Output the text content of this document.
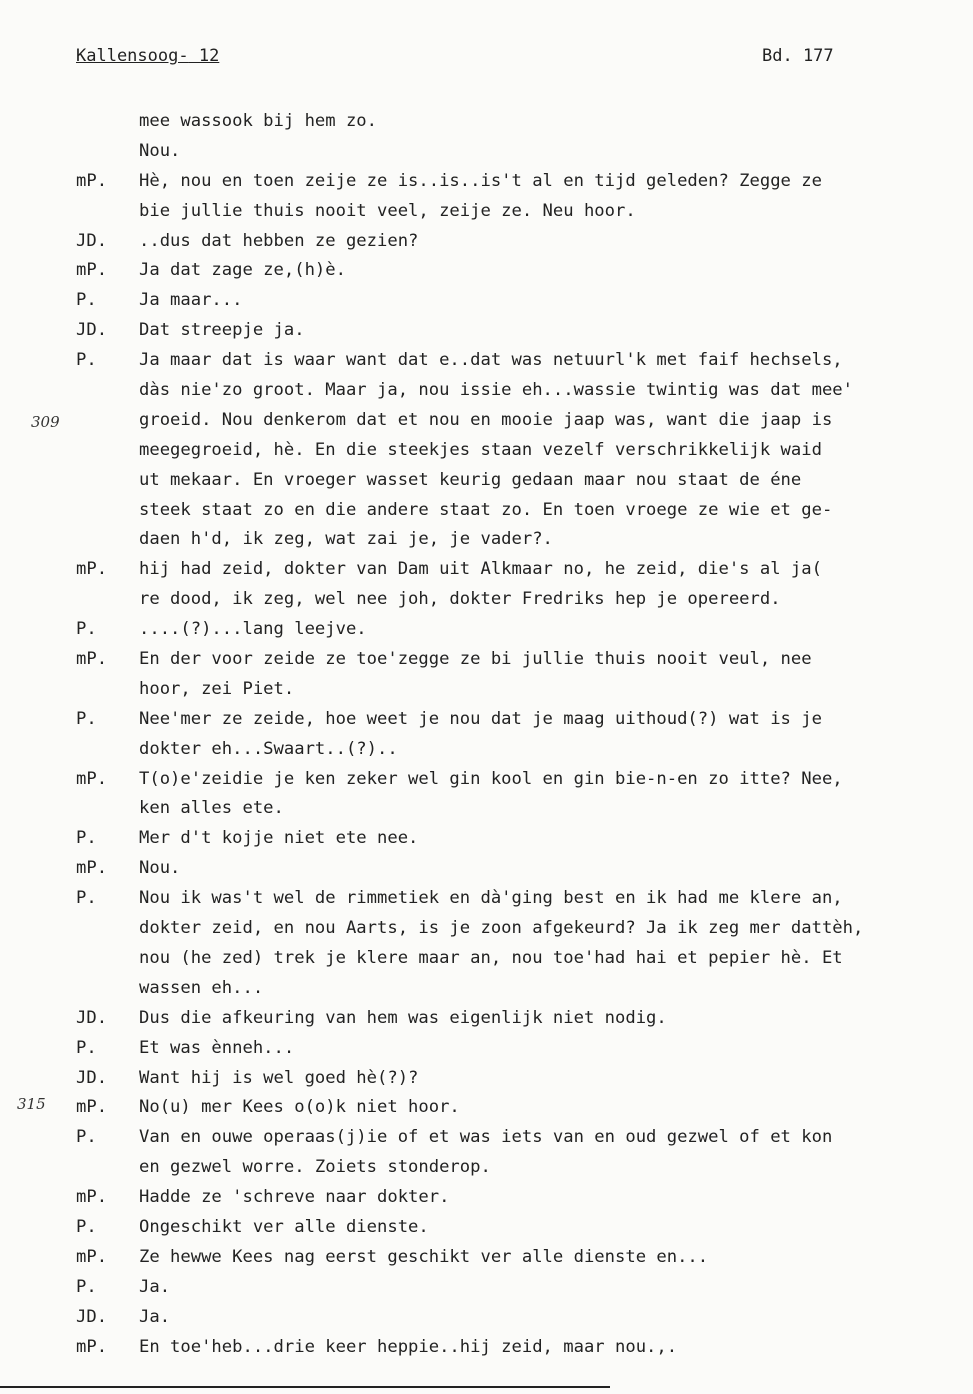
Kallensoog- 12	Bd. 177
309
315
mee wassook bij hem zo.
Nou.
mP. Hè, nou en toen zeije ze is..is..is't al en tijd geleden? Zegge ze
bie jullie thuis nooit veel, zeije ze. Neu hoor.
JD. ..dus dat hebben ze gezien?
mP. Ja dat zage ze,(h)è.
P. Ja maar...
JD. Dat streepje ja.
P. Ja maar dat is waar want dat e..dat was netuurl'k met faif hechsels,
dàs nie'zo groot. Maar ja, nou issie eh...wassie twintig was dat mee'
groeid. Nou denkerom dat et nou en mooie jaap was, want die jaap is
meegegroeid, hè. En die steekjes staan vezelf verschrikkelijk waid
ut mekaar. En vroeger wasset keurig gedaan maar nou staat de éne
steek staat zo en die andere staat zo. En toen vroege ze wie et ge-
daen h'd, ik zeg, wat zai je, je vader?.
mP. hij had zeid, dokter van Dam uit Alkmaar no, he zeid, die's al ja(
re dood, ik zeg, wel nee joh, dokter Fredriks hep je opereerd.
P. ....(?)...lang leejve.
mP. En der voor zeide ze toe'zegge ze bi jullie thuis nooit veul, nee
hoor, zei Piet.
P. Nee'mer ze zeide, hoe weet je nou dat je maag uithoud(?) wat is je
dokter eh...Swaart..(?)..
mP. T(o)e'zeidie je ken zeker wel gin kool en gin bie-n-en zo itte? Nee,
ken alles ete.
P. Mer d't kojje niet ete nee.
mP. Nou.
P. Nou ik was't wel de rimmetiek en dà'ging best en ik had me klere an,
dokter zeid, en nou Aarts, is je zoon afgekeurd? Ja ik zeg mer dattèh,
nou (he zed) trek je klere maar an, nou toe'had hai et pepier hè. Et
wassen eh...
JD. Dus die afkeuring van hem was eigenlijk niet nodig.
P. Et was ènneh...
JD. Want hij is wel goed hè(?)?
mP. No(u) mer Kees o(o)k niet hoor.
P. Van en ouwe operaas(j)ie of et was iets van en oud gezwel of et kon
en gezwel worre. Zoiets stonderop.
mP. Hadde ze 'schreve naar dokter.
P. Ongeschikt ver alle dienste.
mP. Ze hewwe Kees nag eerst geschikt ver alle dienste en...
P. Ja.
JD. Ja.
mP. En toe'heb...drie keer heppie..hij zeid, maar nou.,.
